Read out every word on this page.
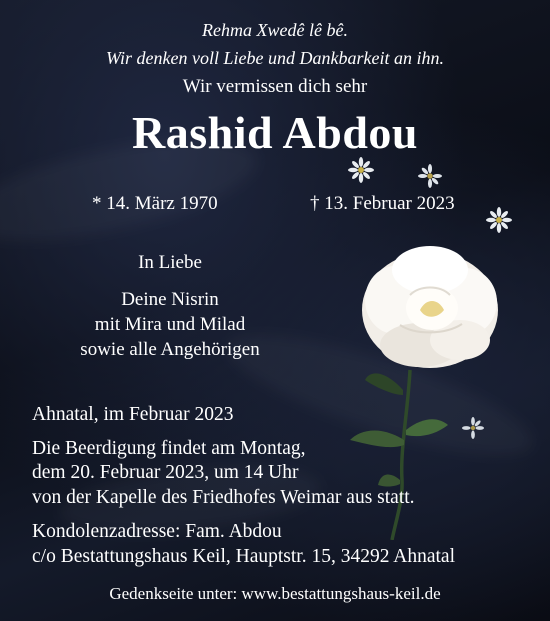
Rehma Xwedê lê bê.
Wir denken voll Liebe und Dankbarkeit an ihn.
Wir vermissen dich sehr
Rashid Abdou
* 14. März 1970	† 13. Februar 2023
In Liebe
Deine Nisrin
mit Mira und Milad
sowie alle Angehörigen
Ahnatal, im Februar 2023
Die Beerdigung findet am Montag,
dem 20. Februar 2023, um 14 Uhr
von der Kapelle des Friedhofes Weimar aus statt.
Kondolenzadresse: Fam. Abdou
c/o Bestattungshaus Keil, Hauptstr. 15, 34292 Ahnatal
Gedenkseite unter: www.bestattungshaus-keil.de
